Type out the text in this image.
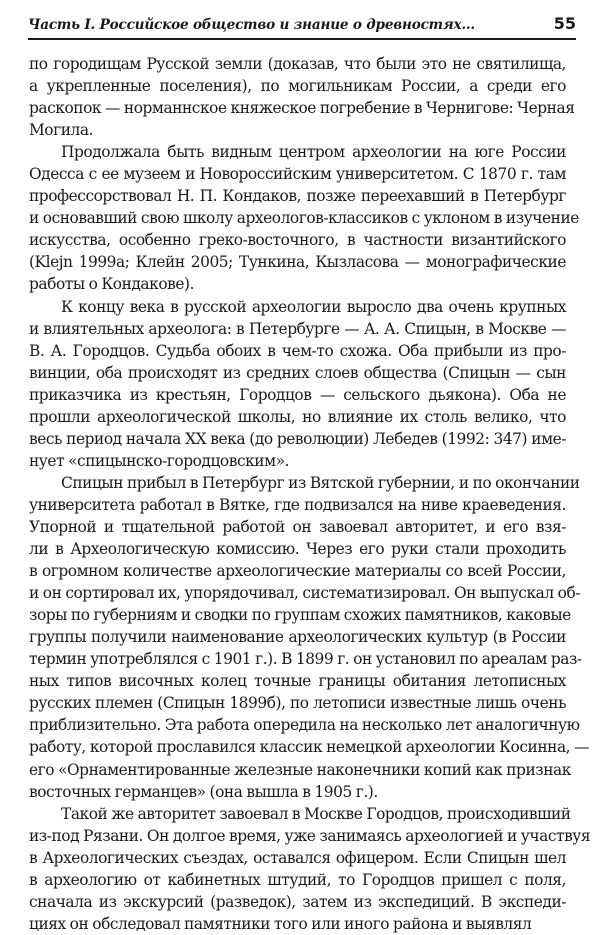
Часть I. Российское общество и знание о древностях...	55

по городищам Русской земли (доказав, что были это не святилища,
а укрепленные поселения), по могильникам России, а среди его
раскопок — норманнское княжеское погребение в Чернигове: Черная
Могила.

Продолжала быть видным центром археологии на юге России
Одесса с ее музеем и Новороссийским университетом. С 1870 г. там
профессорствовал Н. П. Кондаков, позже переехавший в Петербург
и основавший свою школу археологов-классиков с уклоном в изучение
искусства, особенно греко-восточного, в частности византийского
(Klejn 1999a; Клейн 2005; Тункина, Кызласова — монографические
работы о Кондакове).

К концу века в русской археологии выросло два очень крупных
и влиятельных археолога: в Петербурге — А. А. Спицын, в Москве —
В. А. Городцов. Судьба обоих в чем-то схожа. Оба прибыли из про-
винции, оба происходят из средних слоев общества (Спицын — сын
приказчика из крестьян, Городцов — сельского дьякона). Оба не
прошли археологической школы, но влияние их столь велико, что
весь период начала XX века (до революции) Лебедев (1992: 347) име-
нует «спицынско-городцовским».

Спицын прибыл в Петербург из Вятской губернии, и по окончании
университета работал в Вятке, где подвизался на ниве краеведения.
Упорной и тщательной работой он завоевал авторитет, и его взя-
ли в Археологическую комиссию. Через его руки стали проходить
в огромном количестве археологические материалы со всей России,
и он сортировал их, упорядочивал, систематизировал. Он выпускал об-
зоры по губерниям и сводки по группам схожих памятников, каковые
группы получили наименование археологических культур (в России
термин употреблялся с 1901 г.). В 1899 г. он установил по ареалам раз-
ных типов височных колец точные границы обитания летописных
русских племен (Спицын 1899б), по летописи известные лишь очень
приблизительно. Эта работа опередила на несколько лет аналогичную
работу, которой прославился классик немецкой археологии Косинна, —
его «Орнаментированные железные наконечники копий как признак
восточных германцев» (она вышла в 1905 г.).

Такой же авторитет завоевал в Москве Городцов, происходивший
из-под Рязани. Он долгое время, уже занимаясь археологией и участвуя
в Археологических съездах, оставался офицером. Если Спицын шел
в археологию от кабинетных штудий, то Городцов пришел с поля,
сначала из экскурсий (разведок), затем из экспедиций. В экспеди-
циях он обследовал памятники того или иного района и выявлял
